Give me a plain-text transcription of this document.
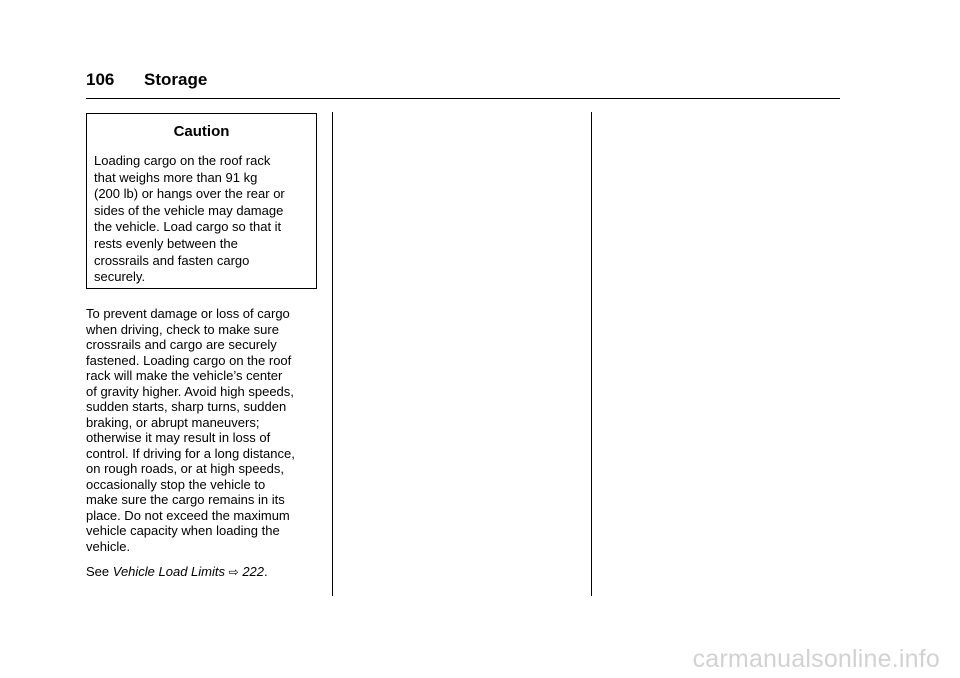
106 Storage
Caution
Loading cargo on the roof rack
that weighs more than 91 kg
(200 lb) or hangs over the rear or
sides of the vehicle may damage
the vehicle. Load cargo so that it
rests evenly between the
crossrails and fasten cargo
securely.
To prevent damage or loss of cargo
when driving, check to make sure
crossrails and cargo are securely
fastened. Loading cargo on the roof
rack will make the vehicle’s center
of gravity higher. Avoid high speeds,
sudden starts, sharp turns, sudden
braking, or abrupt maneuvers;
otherwise it may result in loss of
control. If driving for a long distance,
on rough roads, or at high speeds,
occasionally stop the vehicle to
make sure the cargo remains in its
place. Do not exceed the maximum
vehicle capacity when loading the
vehicle.
See Vehicle Load Limits ⇨ 222.
carmanualsonline.info
